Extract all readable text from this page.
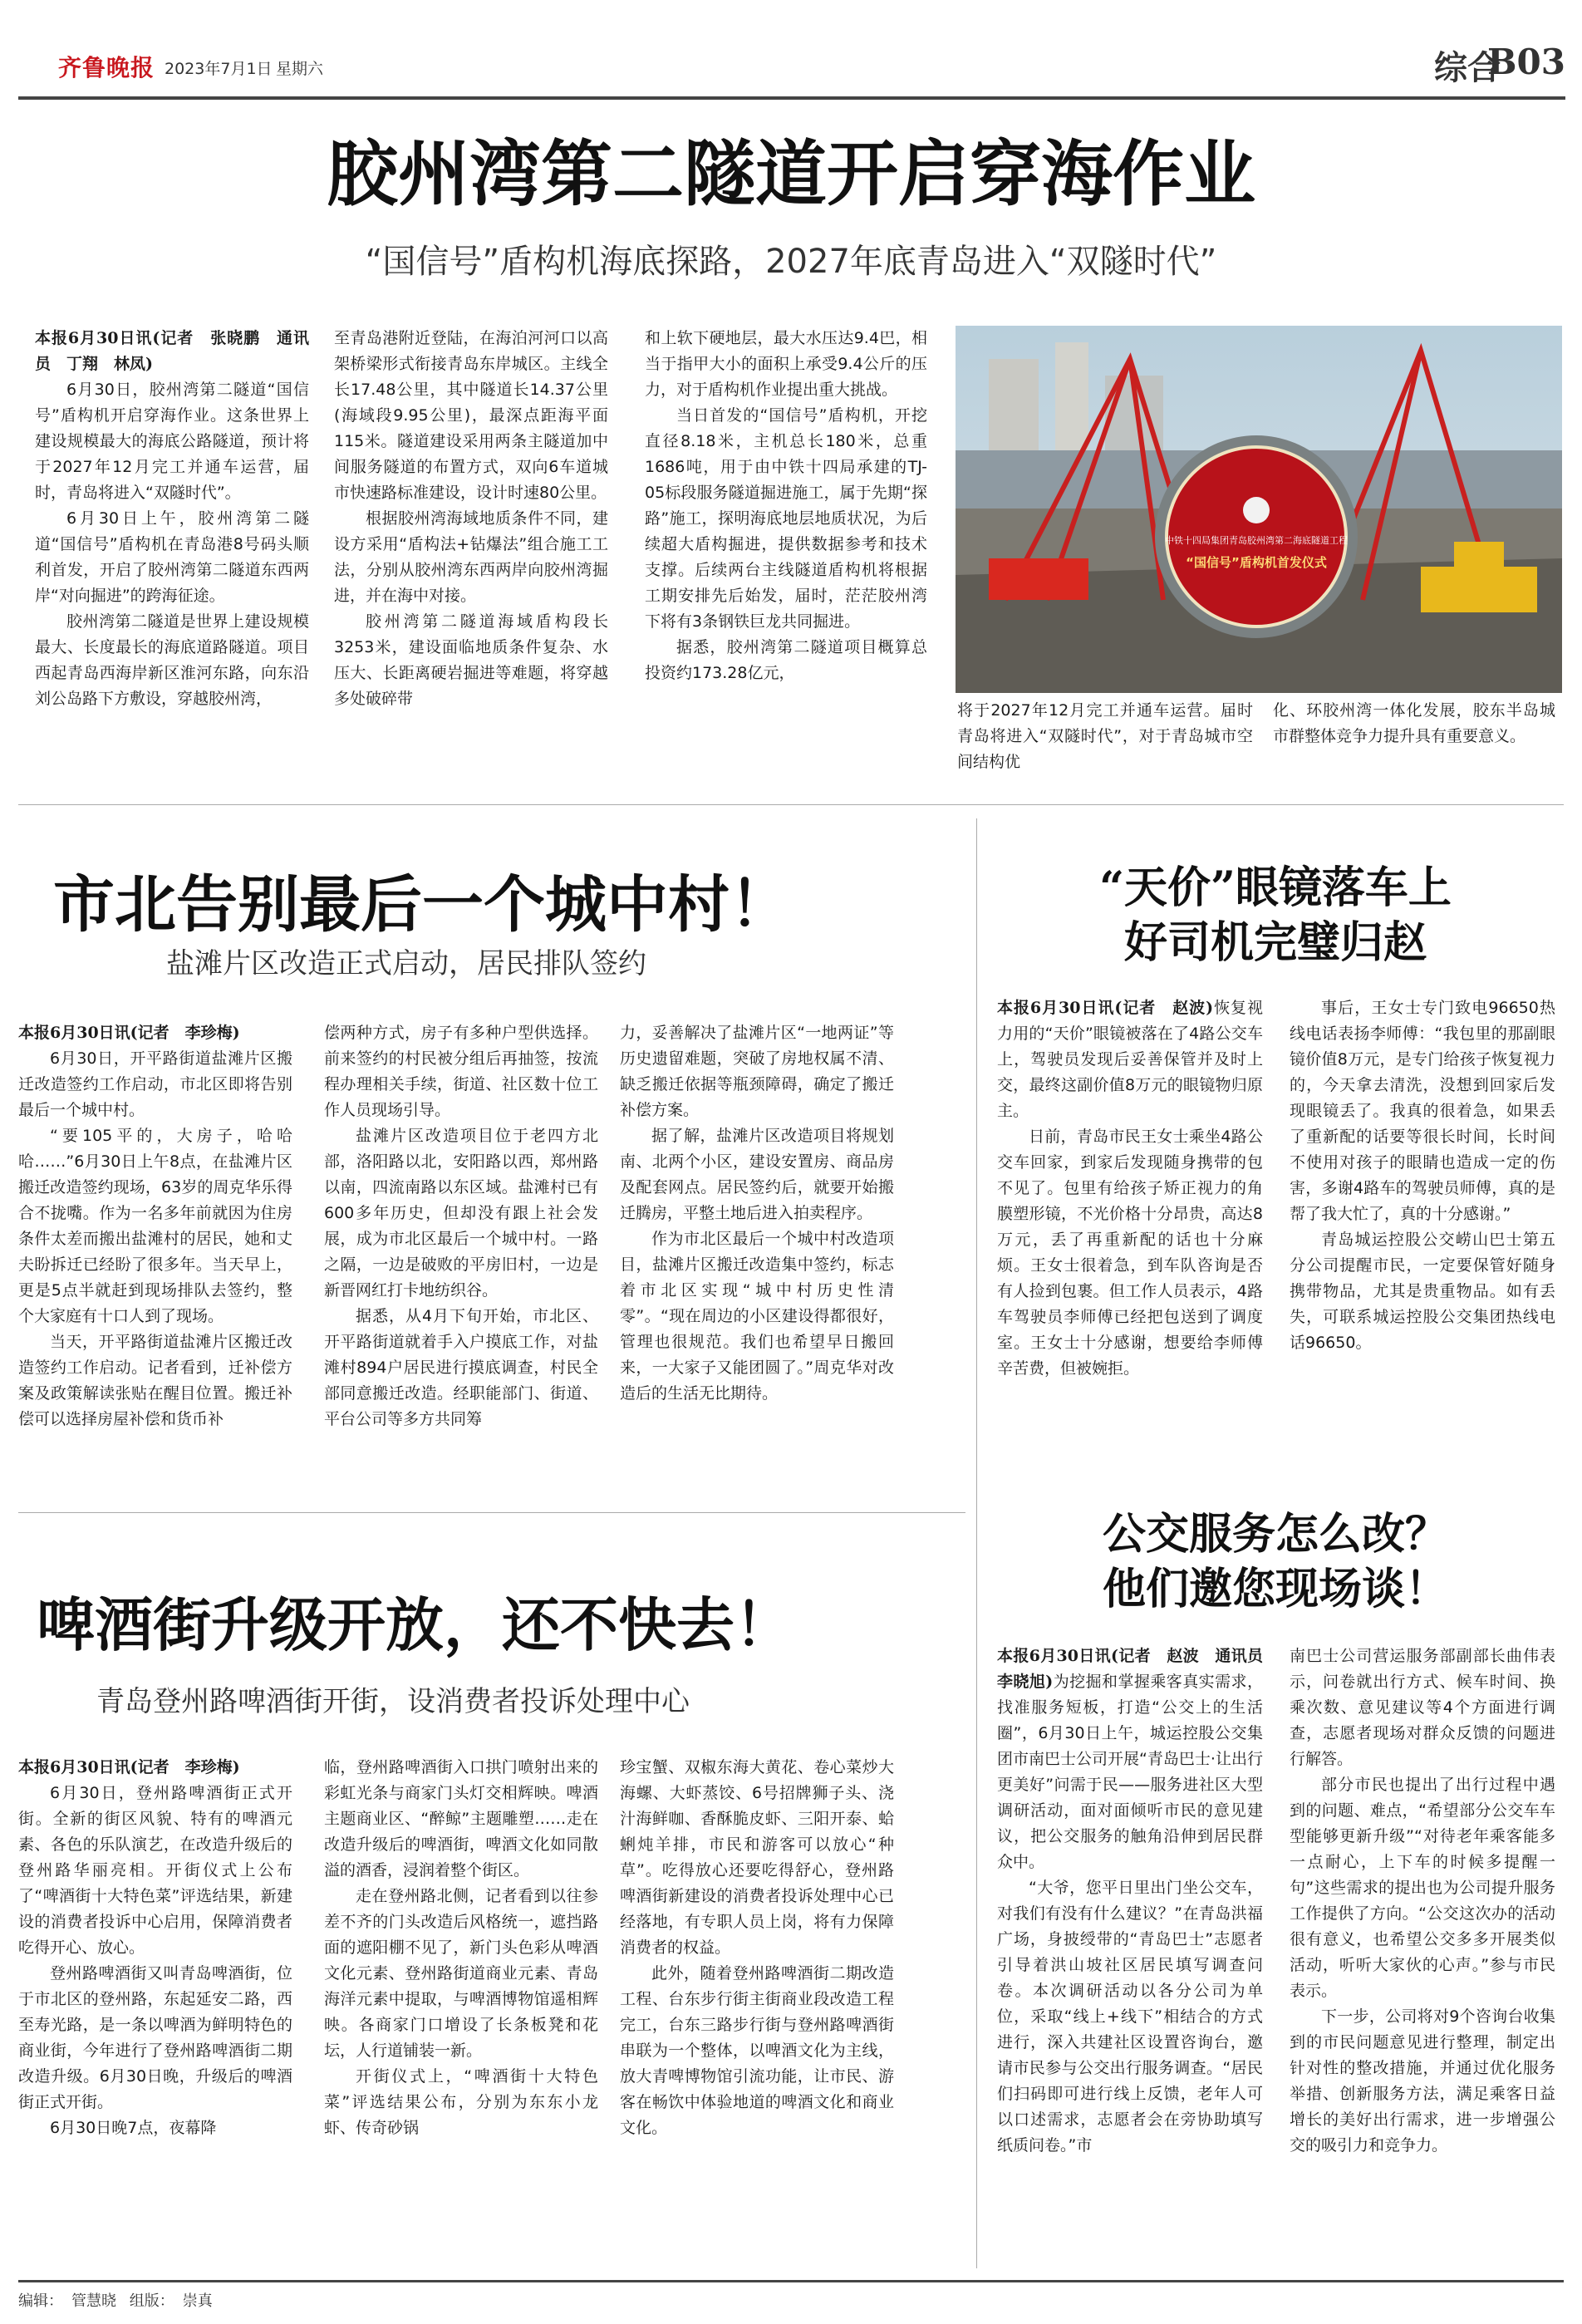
齐鲁晚报 2023年7月1日 星期六	综合
B03
胶州湾第二隧道开启穿海作业
“国信号”盾构机海底探路，2027年底青岛进入“双隧时代”

本报6月30日讯(记者　张晓鹏　通讯员　丁翔　林凤)

6月30日，胶州湾第二隧道“国信号”盾构机开启穿海作业。这条世界上建设规模最大的海底公路隧道，预计将于2027年12月完工并通车运营，届时，青岛将进入“双隧时代”。

6月30日上午，胶州湾第二隧道“国信号”盾构机在青岛港8号码头顺利首发，开启了胶州湾第二隧道东西两岸“对向掘进”的跨海征途。

胶州湾第二隧道是世界上建设规模最大、长度最长的海底道路隧道。项目西起青岛西海岸新区淮河东路，向东沿刘公岛路下方敷设，穿越胶州湾，

至青岛港附近登陆，在海泊河河口以高架桥梁形式衔接青岛东岸城区。主线全长17.48公里，其中隧道长14.37公里(海域段9.95公里)，最深点距海平面115米。隧道建设采用两条主隧道加中间服务隧道的布置方式，双向6车道城市快速路标准建设，设计时速80公里。

根据胶州湾海域地质条件不同，建设方采用“盾构法+钻爆法”组合施工工法，分别从胶州湾东西两岸向胶州湾掘进，并在海中对接。

胶州湾第二隧道海域盾构段长3253米，建设面临地质条件复杂、水压大、长距离硬岩掘进等难题，将穿越多处破碎带

和上软下硬地层，最大水压达9.4巴，相当于指甲大小的面积上承受9.4公斤的压力，对于盾构机作业提出重大挑战。

当日首发的“国信号”盾构机，开挖直径8.18米，主机总长180米，总重1686吨，用于由中铁十四局承建的TJ-05标段服务隧道掘进施工，属于先期“探路”施工，探明海底地层地质状况，为后续超大盾构掘进，提供数据参考和技术支撑。后续两台主线隧道盾构机将根据工期安排先后始发，届时，茫茫胶州湾下将有3条钢铁巨龙共同掘进。

据悉，胶州湾第二隧道项目概算总投资约173.28亿元，

中铁十四局集团青岛胶州湾第二海底隧道工程
“国信号”盾构机首发仪式
将于2027年12月完工并通车运营。届时青岛将进入“双隧时代”，对于青岛城市空间结构优
化、环胶州湾一体化发展，胶东半岛城市群整体竞争力提升具有重要意义。
市北告别最后一个城中村！
盐滩片区改造正式启动，居民排队签约

本报6月30日讯(记者　李珍梅)

6月30日，开平路街道盐滩片区搬迁改造签约工作启动，市北区即将告别最后一个城中村。

“要105平的，大房子，哈哈哈……”6月30日上午8点，在盐滩片区搬迁改造签约现场，63岁的周克华乐得合不拢嘴。作为一名多年前就因为住房条件太差而搬出盐滩村的居民，她和丈夫盼拆迁已经盼了很多年。当天早上，更是5点半就赶到现场排队去签约，整个大家庭有十口人到了现场。

当天，开平路街道盐滩片区搬迁改造签约工作启动。记者看到，迁补偿方案及政策解读张贴在醒目位置。搬迁补偿可以选择房屋补偿和货币补

偿两种方式，房子有多种户型供选择。前来签约的村民被分组后再抽签，按流程办理相关手续，街道、社区数十位工作人员现场引导。

盐滩片区改造项目位于老四方北部，洛阳路以北，安阳路以西，郑州路以南，四流南路以东区域。盐滩村已有600多年历史，但却没有跟上社会发展，成为市北区最后一个城中村。一路之隔，一边是破败的平房旧村，一边是新晋网红打卡地纺织谷。

据悉，从4月下旬开始，市北区、开平路街道就着手入户摸底工作，对盐滩村894户居民进行摸底调查，村民全部同意搬迁改造。经职能部门、街道、平台公司等多方共同筹

力，妥善解决了盐滩片区“一地两证”等历史遗留难题，突破了房地权属不清、缺乏搬迁依据等瓶颈障碍，确定了搬迁补偿方案。

据了解，盐滩片区改造项目将规划南、北两个小区，建设安置房、商品房及配套网点。居民签约后，就要开始搬迁腾房，平整土地后进入拍卖程序。

作为市北区最后一个城中村改造项目，盐滩片区搬迁改造集中签约，标志着市北区实现“城中村历史性清零”。“现在周边的小区建设得都很好，管理也很规范。我们也希望早日搬回来，一大家子又能团圆了。”周克华对改造后的生活无比期待。

“天价”眼镜落车上
好司机完璧归赵

本报6月30日讯(记者　赵波)恢复视力用的“天价”眼镜被落在了4路公交车上，驾驶员发现后妥善保管并及时上交，最终这副价值8万元的眼镜物归原主。

日前，青岛市民王女士乘坐4路公交车回家，到家后发现随身携带的包不见了。包里有给孩子矫正视力的角膜塑形镜，不光价格十分昂贵，高达8万元，丢了再重新配的话也十分麻烦。王女士很着急，到车队咨询是否有人捡到包裹。但工作人员表示，4路车驾驶员李师傅已经把包送到了调度室。王女士十分感谢，想要给李师傅辛苦费，但被婉拒。

事后，王女士专门致电96650热线电话表扬李师傅：“我包里的那副眼镜价值8万元，是专门给孩子恢复视力的，今天拿去清洗，没想到回家后发现眼镜丢了。我真的很着急，如果丢了重新配的话要等很长时间，长时间不使用对孩子的眼睛也造成一定的伤害，多谢4路车的驾驶员师傅，真的是帮了我大忙了，真的十分感谢。”

青岛城运控股公交崂山巴士第五分公司提醒市民，一定要保管好随身携带物品，尤其是贵重物品。如有丢失，可联系城运控股公交集团热线电话96650。

啤酒街升级开放，还不快去！
青岛登州路啤酒街开街，设消费者投诉处理中心

本报6月30日讯(记者　李珍梅)

6月30日，登州路啤酒街正式开街。全新的街区风貌、特有的啤酒元素、各色的乐队演艺，在改造升级后的登州路华丽亮相。开街仪式上公布了“啤酒街十大特色菜”评选结果，新建设的消费者投诉中心启用，保障消费者吃得开心、放心。

登州路啤酒街又叫青岛啤酒街，位于市北区的登州路，东起延安二路，西至寿光路，是一条以啤酒为鲜明特色的商业街，今年进行了登州路啤酒街二期改造升级。6月30日晚，升级后的啤酒街正式开街。

6月30日晚7点，夜幕降

临，登州路啤酒街入口拱门喷射出来的彩虹光条与商家门头灯交相辉映。啤酒主题商业区、“醉鲸”主题雕塑……走在改造升级后的啤酒街，啤酒文化如同散溢的酒香，浸润着整个街区。

走在登州路北侧，记者看到以往参差不齐的门头改造后风格统一，遮挡路面的遮阳棚不见了，新门头色彩从啤酒文化元素、登州路街道商业元素、青岛海洋元素中提取，与啤酒博物馆遥相辉映。各商家门口增设了长条板凳和花坛，人行道铺装一新。

开街仪式上，“啤酒街十大特色菜”评选结果公布，分别为东东小龙虾、传奇砂锅

珍宝蟹、双椒东海大黄花、卷心菜炒大海螺、大虾蒸饺、6号招牌狮子头、浇汁海鲜咖、香酥脆皮虾、三阳开泰、蛤蜊炖羊排，市民和游客可以放心“种草”。吃得放心还要吃得舒心，登州路啤酒街新建设的消费者投诉处理中心已经落地，有专职人员上岗，将有力保障消费者的权益。

此外，随着登州路啤酒街二期改造工程、台东步行街主街商业段改造工程完工，台东三路步行街与登州路啤酒街串联为一个整体，以啤酒文化为主线，放大青啤博物馆引流功能，让市民、游客在畅饮中体验地道的啤酒文化和商业文化。

公交服务怎么改？
他们邀您现场谈！

本报6月30日讯(记者　赵波　通讯员　李晓旭)为挖掘和掌握乘客真实需求，找准服务短板，打造“公交上的生活圈”，6月30日上午，城运控股公交集团市南巴士公司开展“青岛巴士·让出行更美好”问需于民——服务进社区大型调研活动，面对面倾听市民的意见建议，把公交服务的触角沿伸到居民群众中。

“大爷，您平日里出门坐公交车，对我们有没有什么建议？”在青岛洪福广场，身披绶带的“青岛巴士”志愿者引导着洪山坡社区居民填写调查问卷。本次调研活动以各分公司为单位，采取“线上+线下”相结合的方式进行，深入共建社区设置咨询台，邀请市民参与公交出行服务调查。“居民们扫码即可进行线上反馈，老年人可以口述需求，志愿者会在旁协助填写纸质问卷。”市

南巴士公司营运服务部副部长曲伟表示，问卷就出行方式、候车时间、换乘次数、意见建议等4个方面进行调查，志愿者现场对群众反馈的问题进行解答。

部分市民也提出了出行过程中遇到的问题、难点，“希望部分公交车车型能够更新升级”“对待老年乘客能多一点耐心，上下车的时候多提醒一句”这些需求的提出也为公司提升服务工作提供了方向。“公交这次办的活动很有意义，也希望公交多多开展类似活动，听听大家伙的心声。”参与市民表示。

下一步，公司将对9个咨询台收集到的市民问题意见进行整理，制定出针对性的整改措施，并通过优化服务举措、创新服务方法，满足乘客日益增长的美好出行需求，进一步增强公交的吸引力和竞争力。

编辑： 管慧晓 组版： 崇真
